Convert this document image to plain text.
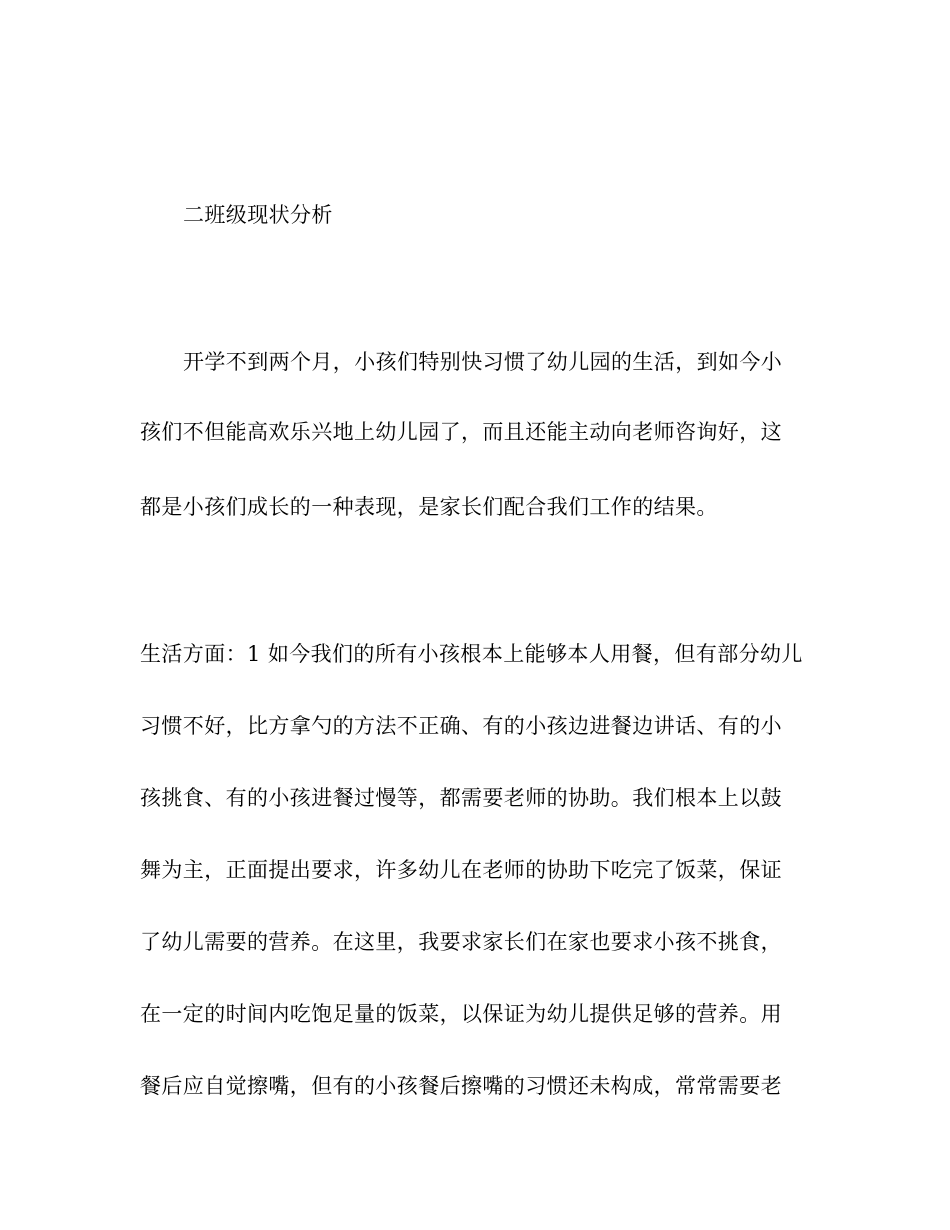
二班级现状分析
开学不到两个月，小孩们特别快习惯了幼儿园的生活，到如今小
孩们不但能高欢乐兴地上幼儿园了，而且还能主动向老师咨询好，这
都是小孩们成长的一种表现，是家长们配合我们工作的结果。
生活方面：1 如今我们的所有小孩根本上能够本人用餐，但有部分幼儿
习惯不好，比方拿勺的方法不正确、有的小孩边进餐边讲话、有的小
孩挑食、有的小孩进餐过慢等，都需要老师的协助。我们根本上以鼓
舞为主，正面提出要求，许多幼儿在老师的协助下吃完了饭菜，保证
了幼儿需要的营养。在这里，我要求家长们在家也要求小孩不挑食，
在一定的时间内吃饱足量的饭菜，以保证为幼儿提供足够的营养。用
餐后应自觉擦嘴，但有的小孩餐后擦嘴的习惯还未构成，常常需要老
